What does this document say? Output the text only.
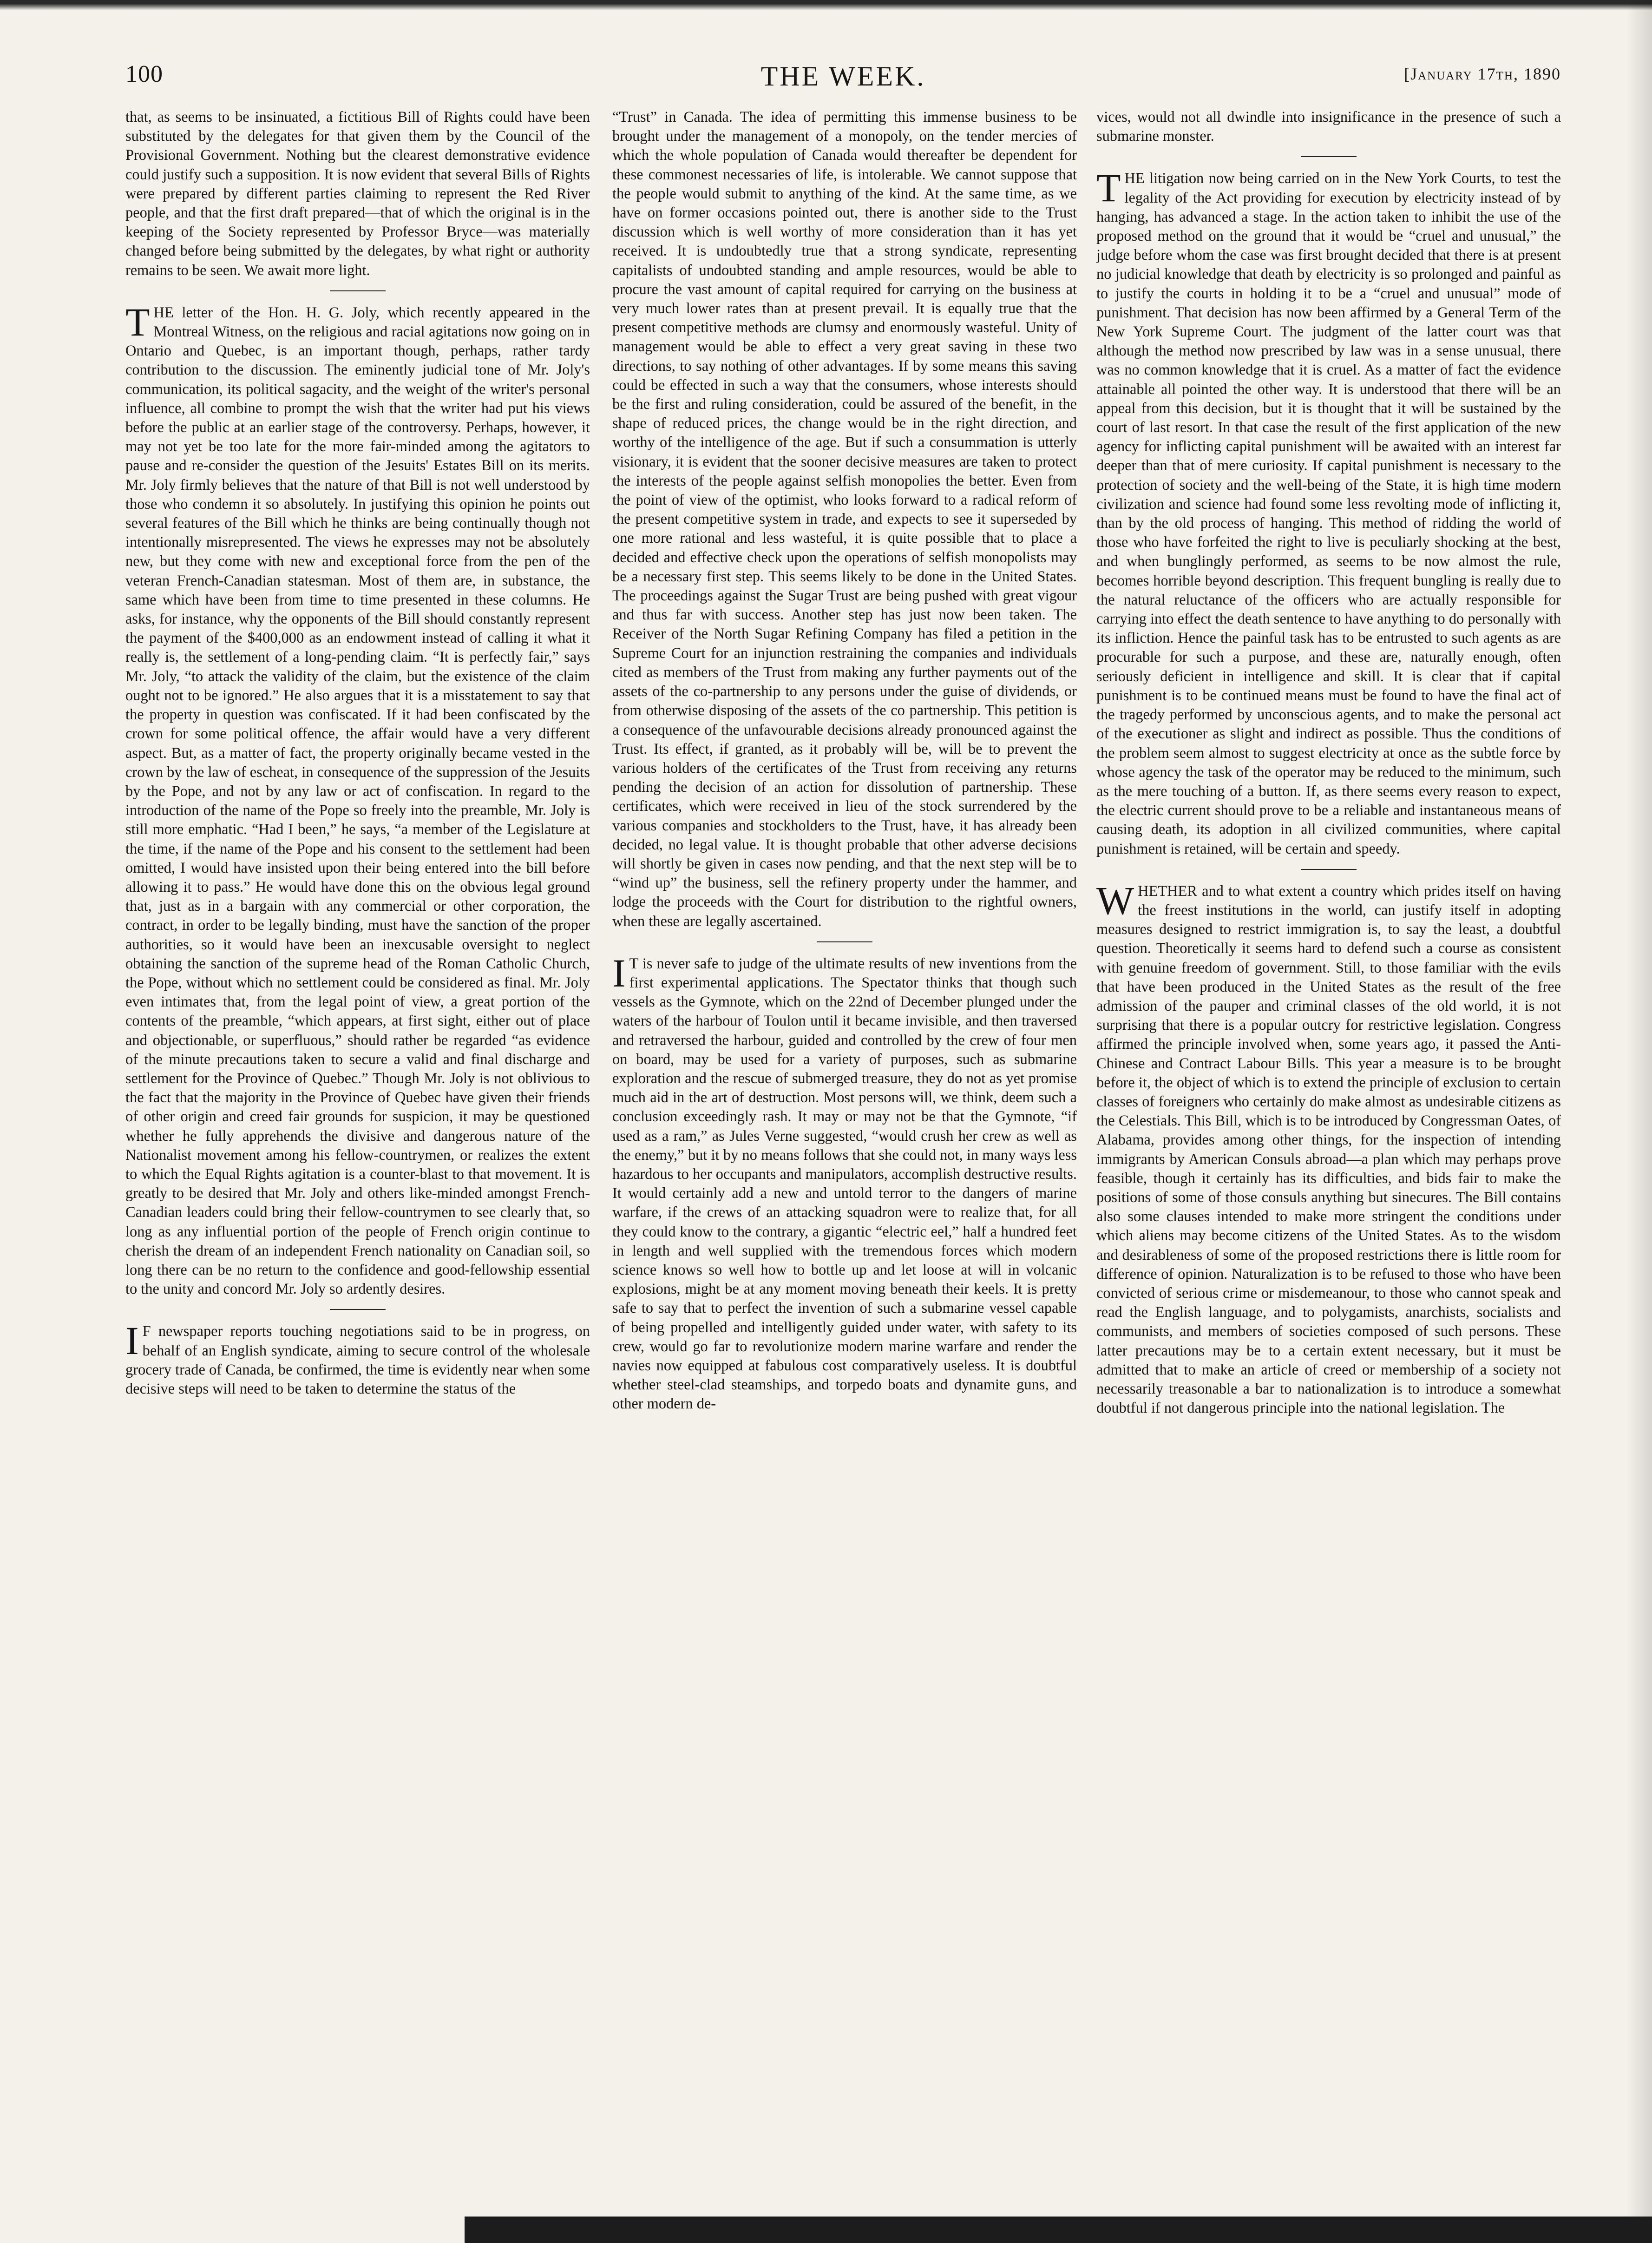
100	THE WEEK.	[January 17th, 1890

that, as seems to be insinuated, a fictitious Bill of Rights could have been substituted by the delegates for that given them by the Council of the Provisional Government. Nothing but the clearest demonstrative evidence could justify such a supposition. It is now evident that several Bills of Rights were prepared by different parties claiming to represent the Red River people, and that the first draft prepared—that of which the original is in the keeping of the Society represented by Professor Bryce—was materially changed before being submitted by the delegates, by what right or authority remains to be seen. We await more light.

THE letter of the Hon. H. G. Joly, which recently appeared in the Montreal Witness, on the religious and racial agitations now going on in Ontario and Quebec, is an important though, perhaps, rather tardy contribution to the discussion. The eminently judicial tone of Mr. Joly's communication, its political sagacity, and the weight of the writer's personal influence, all combine to prompt the wish that the writer had put his views before the public at an earlier stage of the controversy. Perhaps, however, it may not yet be too late for the more fair-minded among the agitators to pause and re-consider the question of the Jesuits' Estates Bill on its merits. Mr. Joly firmly believes that the nature of that Bill is not well understood by those who condemn it so absolutely. In justifying this opinion he points out several features of the Bill which he thinks are being continually though not intentionally misrepresented. The views he expresses may not be absolutely new, but they come with new and exceptional force from the pen of the veteran French-Canadian statesman. Most of them are, in substance, the same which have been from time to time presented in these columns. He asks, for instance, why the opponents of the Bill should constantly represent the payment of the $400,000 as an endowment instead of calling it what it really is, the settlement of a long-pending claim. “It is perfectly fair,” says Mr. Joly, “to attack the validity of the claim, but the existence of the claim ought not to be ignored.” He also argues that it is a misstatement to say that the property in question was confiscated. If it had been confiscated by the crown for some political offence, the affair would have a very different aspect. But, as a matter of fact, the property originally became vested in the crown by the law of escheat, in consequence of the suppression of the Jesuits by the Pope, and not by any law or act of confiscation. In regard to the introduction of the name of the Pope so freely into the preamble, Mr. Joly is still more emphatic. “Had I been,” he says, “a member of the Legislature at the time, if the name of the Pope and his consent to the settlement had been omitted, I would have insisted upon their being entered into the bill before allowing it to pass.” He would have done this on the obvious legal ground that, just as in a bargain with any commercial or other corporation, the contract, in order to be legally binding, must have the sanction of the proper authorities, so it would have been an inexcusable oversight to neglect obtaining the sanction of the supreme head of the Roman Catholic Church, the Pope, without which no settlement could be considered as final. Mr. Joly even intimates that, from the legal point of view, a great portion of the contents of the preamble, “which appears, at first sight, either out of place and objectionable, or superfluous,” should rather be regarded “as evidence of the minute precautions taken to secure a valid and final discharge and settlement for the Province of Quebec.” Though Mr. Joly is not oblivious to the fact that the majority in the Province of Quebec have given their friends of other origin and creed fair grounds for suspicion, it may be questioned whether he fully apprehends the divisive and dangerous nature of the Nationalist movement among his fellow-countrymen, or realizes the extent to which the Equal Rights agitation is a counter-blast to that movement. It is greatly to be desired that Mr. Joly and others like-minded amongst French-Canadian leaders could bring their fellow-countrymen to see clearly that, so long as any influential portion of the people of French origin continue to cherish the dream of an independent French nationality on Canadian soil, so long there can be no return to the confidence and good-fellowship essential to the unity and concord Mr. Joly so ardently desires.

I F newspaper reports touching negotiations said to be in progress, on behalf of an English syndicate, aiming to secure control of the wholesale grocery trade of Canada, be confirmed, the time is evidently near when some decisive steps will need to be taken to determine the status of the

“Trust” in Canada. The idea of permitting this immense business to be brought under the management of a monopoly, on the tender mercies of which the whole population of Canada would thereafter be dependent for these commonest necessaries of life, is intolerable. We cannot suppose that the people would submit to anything of the kind. At the same time, as we have on former occasions pointed out, there is another side to the Trust discussion which is well worthy of more consideration than it has yet received. It is undoubtedly true that a strong syndicate, representing capitalists of undoubted standing and ample resources, would be able to procure the vast amount of capital required for carrying on the business at very much lower rates than at present prevail. It is equally true that the present competitive methods are clumsy and enormously wasteful. Unity of management would be able to effect a very great saving in these two directions, to say nothing of other advantages. If by some means this saving could be effected in such a way that the consumers, whose interests should be the first and ruling consideration, could be assured of the benefit, in the shape of reduced prices, the change would be in the right direction, and worthy of the intelligence of the age. But if such a consummation is utterly visionary, it is evident that the sooner decisive measures are taken to protect the interests of the people against selfish monopolies the better. Even from the point of view of the optimist, who looks forward to a radical reform of the present competitive system in trade, and expects to see it superseded by one more rational and less wasteful, it is quite possible that to place a decided and effective check upon the operations of selfish monopolists may be a necessary first step. This seems likely to be done in the United States. The proceedings against the Sugar Trust are being pushed with great vigour and thus far with success. Another step has just now been taken. The Receiver of the North Sugar Refining Company has filed a petition in the Supreme Court for an injunction restraining the companies and individuals cited as members of the Trust from making any further payments out of the assets of the co-partnership to any persons under the guise of dividends, or from otherwise disposing of the assets of the co partnership. This petition is a consequence of the unfavourable decisions already pronounced against the Trust. Its effect, if granted, as it probably will be, will be to prevent the various holders of the certificates of the Trust from receiving any returns pending the decision of an action for dissolution of partnership. These certificates, which were received in lieu of the stock surrendered by the various companies and stockholders to the Trust, have, it has already been decided, no legal value. It is thought probable that other adverse decisions will shortly be given in cases now pending, and that the next step will be to “wind up” the business, sell the refinery property under the hammer, and lodge the proceeds with the Court for distribution to the rightful owners, when these are legally ascertained.

I T is never safe to judge of the ultimate results of new inventions from the first experimental applications. The Spectator thinks that though such vessels as the Gymnote, which on the 22nd of December plunged under the waters of the harbour of Toulon until it became invisible, and then traversed and retraversed the harbour, guided and controlled by the crew of four men on board, may be used for a variety of purposes, such as submarine exploration and the rescue of submerged treasure, they do not as yet promise much aid in the art of destruction. Most persons will, we think, deem such a conclusion exceedingly rash. It may or may not be that the Gymnote, “if used as a ram,” as Jules Verne suggested, “would crush her crew as well as the enemy,” but it by no means follows that she could not, in many ways less hazardous to her occupants and manipulators, accomplish destructive results. It would certainly add a new and untold terror to the dangers of marine warfare, if the crews of an attacking squadron were to realize that, for all they could know to the contrary, a gigantic “electric eel,” half a hundred feet in length and well supplied with the tremendous forces which modern science knows so well how to bottle up and let loose at will in volcanic explosions, might be at any moment moving beneath their keels. It is pretty safe to say that to perfect the invention of such a submarine vessel capable of being propelled and intelligently guided under water, with safety to its crew, would go far to revolutionize modern marine warfare and render the navies now equipped at fabulous cost comparatively useless. It is doubtful whether steel-clad steamships, and torpedo boats and dynamite guns, and other modern de-

vices, would not all dwindle into insignificance in the presence of such a submarine monster.

THE litigation now being carried on in the New York Courts, to test the legality of the Act providing for execution by electricity instead of by hanging, has advanced a stage. In the action taken to inhibit the use of the proposed method on the ground that it would be “cruel and unusual,” the judge before whom the case was first brought decided that there is at present no judicial knowledge that death by electricity is so prolonged and painful as to justify the courts in holding it to be a “cruel and unusual” mode of punishment. That decision has now been affirmed by a General Term of the New York Supreme Court. The judgment of the latter court was that although the method now prescribed by law was in a sense unusual, there was no common knowledge that it is cruel. As a matter of fact the evidence attainable all pointed the other way. It is understood that there will be an appeal from this decision, but it is thought that it will be sustained by the court of last resort. In that case the result of the first application of the new agency for inflicting capital punishment will be awaited with an interest far deeper than that of mere curiosity. If capital punishment is necessary to the protection of society and the well-being of the State, it is high time modern civilization and science had found some less revolting mode of inflicting it, than by the old process of hanging. This method of ridding the world of those who have forfeited the right to live is peculiarly shocking at the best, and when bunglingly performed, as seems to be now almost the rule, becomes horrible beyond description. This frequent bungling is really due to the natural reluctance of the officers who are actually responsible for carrying into effect the death sentence to have anything to do personally with its infliction. Hence the painful task has to be entrusted to such agents as are procurable for such a purpose, and these are, naturally enough, often seriously deficient in intelligence and skill. It is clear that if capital punishment is to be continued means must be found to have the final act of the tragedy performed by unconscious agents, and to make the personal act of the executioner as slight and indirect as possible. Thus the conditions of the problem seem almost to suggest electricity at once as the subtle force by whose agency the task of the operator may be reduced to the minimum, such as the mere touching of a button. If, as there seems every reason to expect, the electric current should prove to be a reliable and instantaneous means of causing death, its adoption in all civilized communities, where capital punishment is retained, will be certain and speedy.

WHETHER and to what extent a country which prides itself on having the freest institutions in the world, can justify itself in adopting measures designed to restrict immigration is, to say the least, a doubtful question. Theoretically it seems hard to defend such a course as consistent with genuine freedom of government. Still, to those familiar with the evils that have been produced in the United States as the result of the free admission of the pauper and criminal classes of the old world, it is not surprising that there is a popular outcry for restrictive legislation. Congress affirmed the principle involved when, some years ago, it passed the Anti-Chinese and Contract Labour Bills. This year a measure is to be brought before it, the object of which is to extend the principle of exclusion to certain classes of foreigners who certainly do make almost as undesirable citizens as the Celestials. This Bill, which is to be introduced by Congressman Oates, of Alabama, provides among other things, for the inspection of intending immigrants by American Consuls abroad—a plan which may perhaps prove feasible, though it certainly has its difficulties, and bids fair to make the positions of some of those consuls anything but sinecures. The Bill contains also some clauses intended to make more stringent the conditions under which aliens may become citizens of the United States. As to the wisdom and desirableness of some of the proposed restrictions there is little room for difference of opinion. Naturalization is to be refused to those who have been convicted of serious crime or misdemeanour, to those who cannot speak and read the English language, and to polygamists, anarchists, socialists and communists, and members of societies composed of such persons. These latter precautions may be to a certain extent necessary, but it must be admitted that to make an article of creed or membership of a society not necessarily treasonable a bar to nationalization is to introduce a somewhat doubtful if not dangerous principle into the national legislation. The
